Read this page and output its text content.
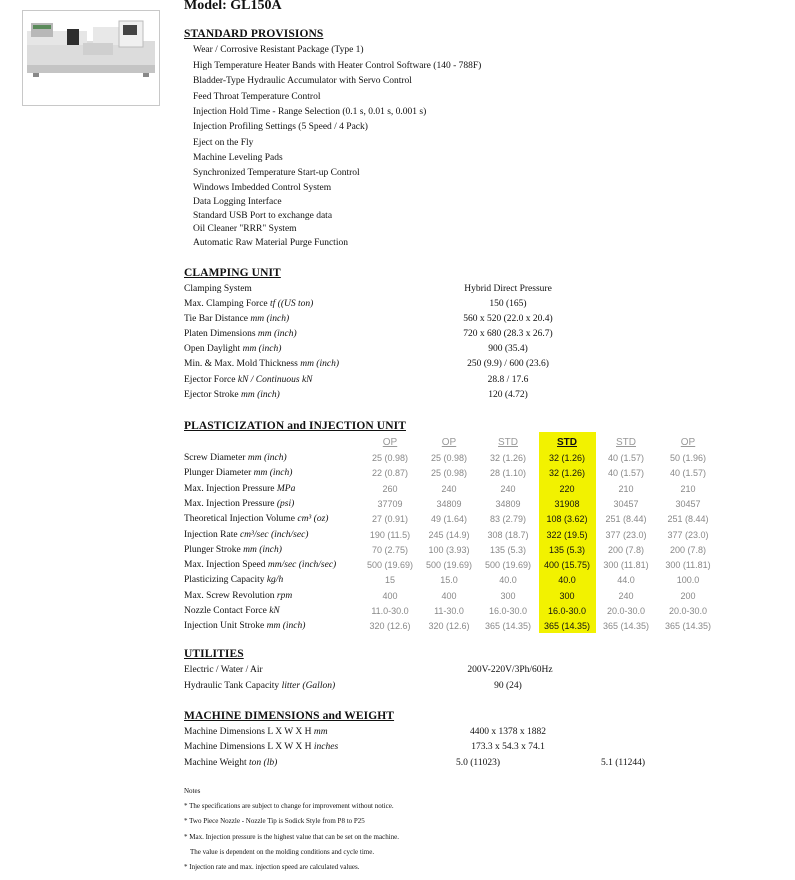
Model: GL150A
STANDARD PROVISIONS
Wear / Corrosive Resistant Package (Type 1)
High Temperature Heater Bands with Heater Control Software (140 - 788F)
Bladder-Type Hydraulic Accumulator with Servo Control
Feed Throat Temperature Control
Injection Hold Time - Range Selection (0.1 s, 0.01 s, 0.001 s)
Injection Profiling Settings (5 Speed / 4 Pack)
Eject on the Fly
Machine Leveling Pads
Synchronized Temperature Start-up Control
Windows Imbedded Control System
Data Logging Interface
Standard USB Port to exchange data
Oil Cleaner "RRR" System
Automatic Raw Material Purge Function
CLAMPING UNIT
Clamping System	Hybrid Direct Pressure
Max. Clamping Force tf ((US ton)	150 (165)
Tie Bar Distance mm (inch)	560 x 520 (22.0 x 20.4)
Platen Dimensions mm (inch)	720 x 680 (28.3 x 26.7)
Open Daylight mm (inch)	900 (35.4)
Min. & Max. Mold Thickness mm (inch)	250 (9.9) / 600 (23.6)
Ejector Force kN / Continuous kN	28.8 / 17.6
Ejector Stroke mm (inch)	120 (4.72)
PLASTICIZATION and INJECTION UNIT
OP	OP	STD	STD	STD	OP
Screw Diameter mm (inch)	25 (0.98)	25 (0.98)	32 (1.26)	32 (1.26)	40 (1.57)	50 (1.96)
Plunger Diameter mm (inch)	22 (0.87)	25 (0.98)	28 (1.10)	32 (1.26)	40 (1.57)	40 (1.57)
Max. Injection Pressure MPa	260	240	240	220	210	210
Max. Injection Pressure (psi)	37709	34809	34809	31908	30457	30457
Theoretical Injection Volume cm³ (oz)	27 (0.91)	49 (1.64)	83 (2.79) 108 (3.62) 251 (8.44) 251 (8.44)
Injection Rate cm³/sec (inch/sec)	190 (11.5) 245 (14.9) 308 (18.7) 322 (19.5) 377 (23.0) 377 (23.0)
Plunger Stroke mm (inch)	70 (2.75) 100 (3.93) 135 (5.3)	135 (5.3)	200 (7.8)	200 (7.8)
Max. Injection Speed mm/sec (inch/sec)	500 (19.69) 500 (19.69) 500 (19.69) 400 (15.75) 300 (11.81) 300 (11.81)
Plasticizing Capacity kg/h	15	15.0	40.0	40.0	44.0	100.0
Max. Screw Revolution rpm	400	400	300	300	240	200
Nozzle Contact Force kN	11.0-30.0	11-30.0	16.0-30.0 16.0-30.0 20.0-30.0	20.0-30.0
Injection Unit Stroke mm (inch)	320 (12.6) 320 (12.6) 365 (14.35) 365 (14.35) 365 (14.35) 365 (14.35)
UTILITIES
Electric / Water / Air	200V-220V/3Ph/60Hz
Hydraulic Tank Capacity litter (Gallon)	90 (24)
MACHINE DIMENSIONS and WEIGHT
Machine Dimensions L X W X H mm	4400 x 1378 x 1882
Machine Dimensions L X W X H inches	173.3 x 54.3 x 74.1
Machine Weight ton (lb)	5.0 (11023)	5.1 (11244)
Notes
* The specifications are subject to change for improvement without notice.
* Two Piece Nozzle - Nozzle Tip is Sodick Style from P8 to P25
* Max. Injection pressure is the highest value that can be set on the machine.
The value is dependent on the molding conditions and cycle time.
* Injection rate and max. injection speed are calculated values.
